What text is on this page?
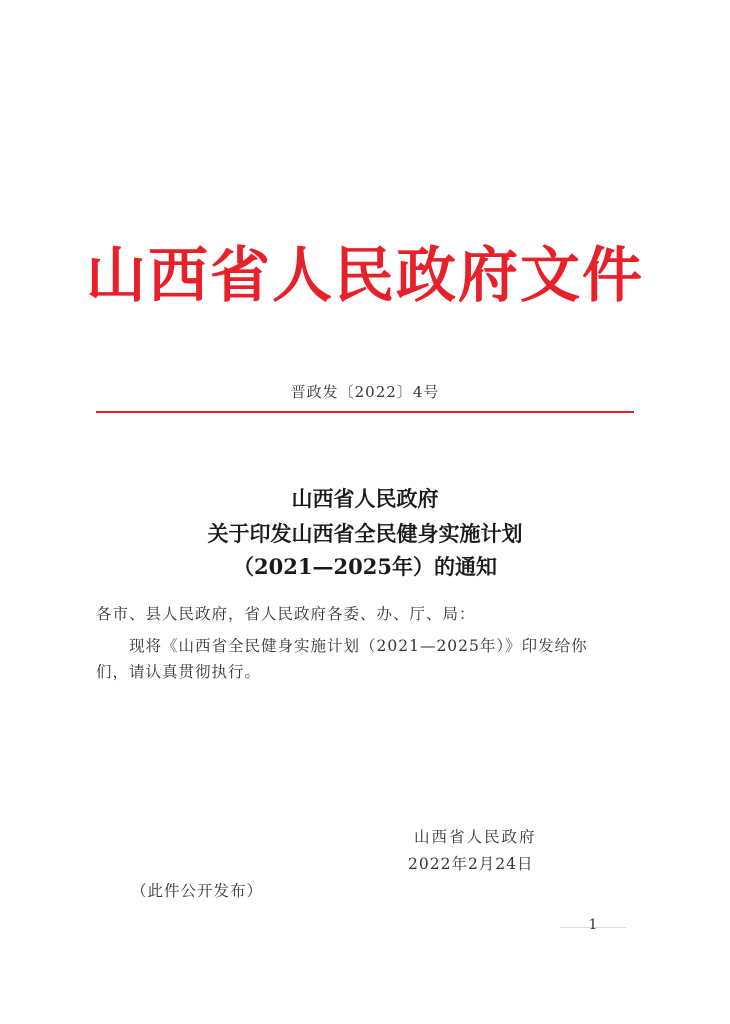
山西省人民政府文件
晋政发〔2022〕4号
山西省人民政府
关于印发山西省全民健身实施计划
（2021—2025年）的通知
各市、县人民政府，省人民政府各委、办、厅、局：
现将《山西省全民健身实施计划（2021—2025年）》印发给你
们，请认真贯彻执行。
山西省人民政府
2022年2月24日
（此件公开发布）
1
